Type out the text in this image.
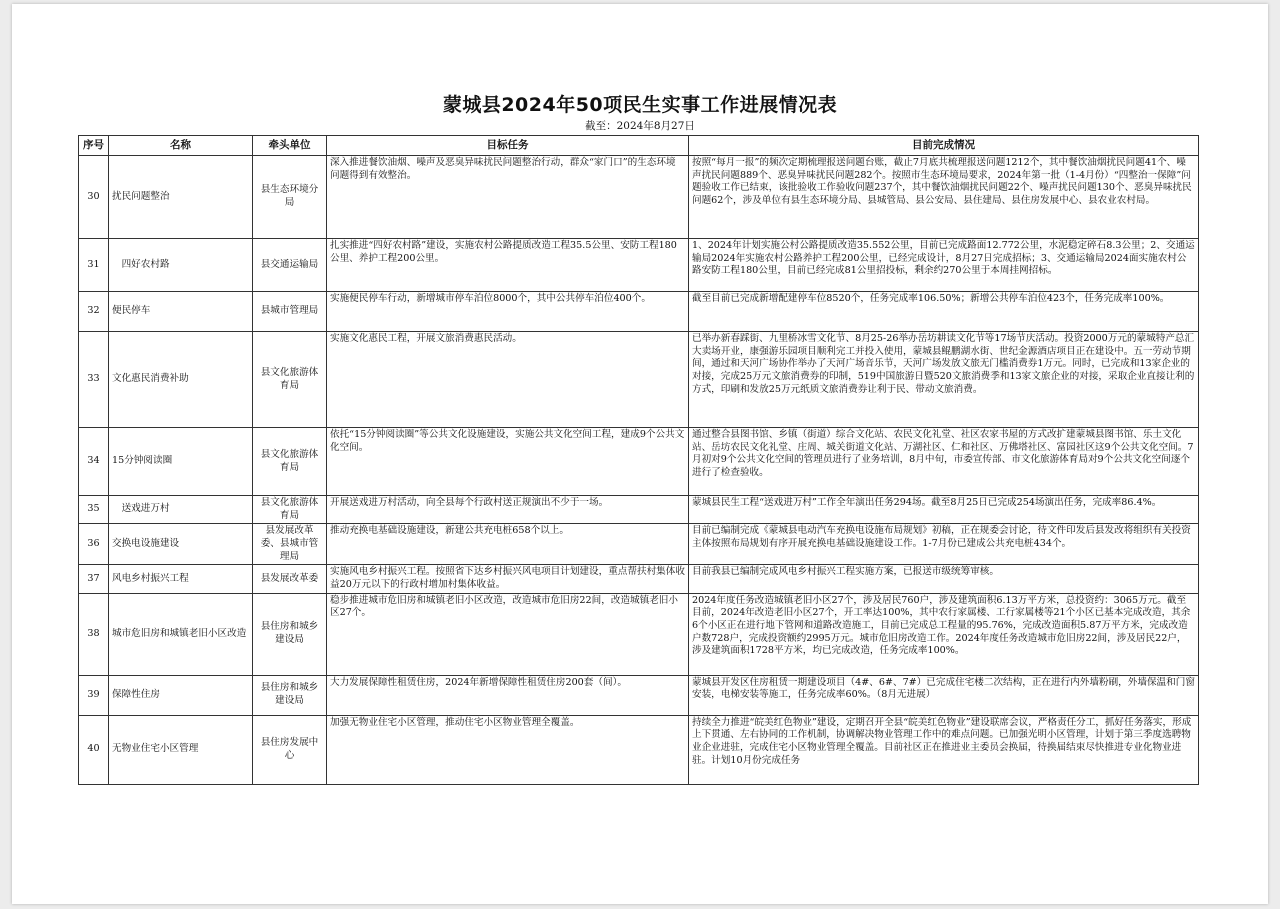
蒙城县2024年50项民生实事工作进展情况表
截至：2024年8月27日
序号	名称	牵头单位	目标任务	目前完成情况
30	扰民问题整治	县生态环境分局	深入推进餐饮油烟、噪声及恶臭异味扰民问题整治行动，群众“家门口”的生态环境问题得到有效整治。	按照“每月一报”的频次定期梳理报送问题台账，截止7月底共梳理报送问题1212个，其中餐饮油烟扰民问题41个、噪声扰民问题889个、恶臭异味扰民问题282个。按照市生态环境局要求，2024年第一批（1-4月份）“四整治一保障”问题验收工作已结束，该批验收工作验收问题237个，其中餐饮油烟扰民问题22个、噪声扰民问题130个、恶臭异味扰民问题62个，涉及单位有县生态环境分局、县城管局、县公安局、县住建局、县住房发展中心、县农业农村局。
31	　四好农村路	县交通运输局	扎实推进“四好农村路”建设，实施农村公路提质改造工程35.5公里、安防工程180公里、养护工程200公里。	1、2024年计划实施公村公路提质改造35.552公里，目前已完成路面12.772公里，水泥稳定碎石8.3公里；2、交通运输局2024年实施农村公路养护工程200公里，已经完成设计，8月27日完成招标；3、交通运输局2024面实施农村公路安防工程180公里，目前已经完成81公里招投标，剩余约270公里于本周挂网招标。
32	便民停车	县城市管理局	实施便民停车行动，新增城市停车泊位8000个，其中公共停车泊位400个。	截至目前已完成新增配建停车位8520个，任务完成率106.50%；新增公共停车泊位423个，任务完成率100%。
33	文化惠民消费补助	县文化旅游体育局	实施文化惠民工程，开展文旅消费惠民活动。	已举办新春踩街、九里桥冰雪文化节、8月25-26举办岳坊耕读文化节等17场节庆活动。投资2000万元的蒙城特产总汇大卖场开业，康强游乐园项目顺利完工并投入使用，蒙城县鲲鹏湖水街、世纪金源酒店项目正在建设中。五一劳动节期间，通过和天河广场协作举办了天河广场音乐节，天河广场发放文旅无门槛消费券1万元。同时，已完成和13家企业的对接，完成25万元文旅消费券的印制，519中国旅游日暨520文旅消费季和13家文旅企业的对接，采取企业直接让利的方式，印刷和发放25万元纸质文旅消费券让利于民、带动文旅消费。
34	15分钟阅读圈	县文化旅游体育局	依托“15分钟阅读圈”等公共文化设施建设，实施公共文化空间工程，建成9个公共文化空间。	通过整合县图书馆、乡镇（街道）综合文化站、农民文化礼堂、社区农家书屋的方式改扩建蒙城县图书馆、乐土文化站、岳坊农民文化礼堂、庄周、城关街道文化站、万湖社区、仁和社区、万佛塔社区、富园社区这9个公共文化空间。7月初对9个公共文化空间的管理员进行了业务培训，8月中旬，市委宣传部、市文化旅游体育局对9个公共文化空间逐个进行了检查验收。
35	　送戏进万村	县文化旅游体育局	开展送戏进万村活动，向全县每个行政村送正规演出不少于一场。	蒙城县民生工程“送戏进万村”工作全年演出任务294场。截至8月25日已完成254场演出任务，完成率86.4%。
36	交换电设施建设	县发展改革委、县城市管理局	推动充换电基础设施建设，新建公共充电桩658个以上。	目前已编制完成《蒙城县电动汽车充换电设施布局规划》初稿，正在规委会讨论，待文件印发后县发改将组织有关投资主体按照布局规划有序开展充换电基础设施建设工作。1-7月份已建成公共充电桩434个。
37	风电乡村振兴工程	县发展改革委	实施风电乡村振兴工程。按照省下达乡村振兴风电项目计划建设，重点帮扶村集体收益20万元以下的行政村增加村集体收益。	目前我县已编制完成风电乡村振兴工程实施方案，已报送市级统筹审核。
38	城市危旧房和城镇老旧小区改造	县住房和城乡建设局	稳步推进城市危旧房和城镇老旧小区改造，改造城市危旧房22间，改造城镇老旧小区27个。	2024年度任务改造城镇老旧小区27个，涉及居民760户，涉及建筑面积6.13万平方米，总投资约：3065万元。截至目前，2024年改造老旧小区27个，开工率达100%，其中农行家属楼、工行家属楼等21个小区已基本完成改造，其余6个小区正在进行地下管网和道路改造施工，目前已完成总工程量的95.76%，完成改造面积5.87万平方米，完成改造户数728户，完成投资额约2995万元。城市危旧房改造工作。2024年度任务改造城市危旧房22间，涉及居民22户，涉及建筑面积1728平方米，均已完成改造，任务完成率100%。
39	保障性住房	县住房和城乡建设局	大力发展保障性租赁住房，2024年新增保障性租赁住房200套（间）。	蒙城县开发区住房租赁一期建设项目（4#、6#、7#）已完成住宅楼二次结构，正在进行内外墙粉刷，外墙保温和门窗安装，电梯安装等施工，任务完成率60%。（8月无进展）
40	无物业住宅小区管理	县住房发展中心	加强无物业住宅小区管理，推动住宅小区物业管理全覆盖。	持续全力推进“皖美红色物业”建设，定期召开全县“皖美红色物业”建设联席会议，严格责任分工，抓好任务落实，形成上下贯通、左右协同的工作机制，协调解决物业管理工作中的难点问题。已加强光明小区管理，计划于第三季度选聘物业企业进驻，完成住宅小区物业管理全覆盖。目前社区正在推进业主委员会换届，待换届结束尽快推进专业化物业进驻。计划10月份完成任务
